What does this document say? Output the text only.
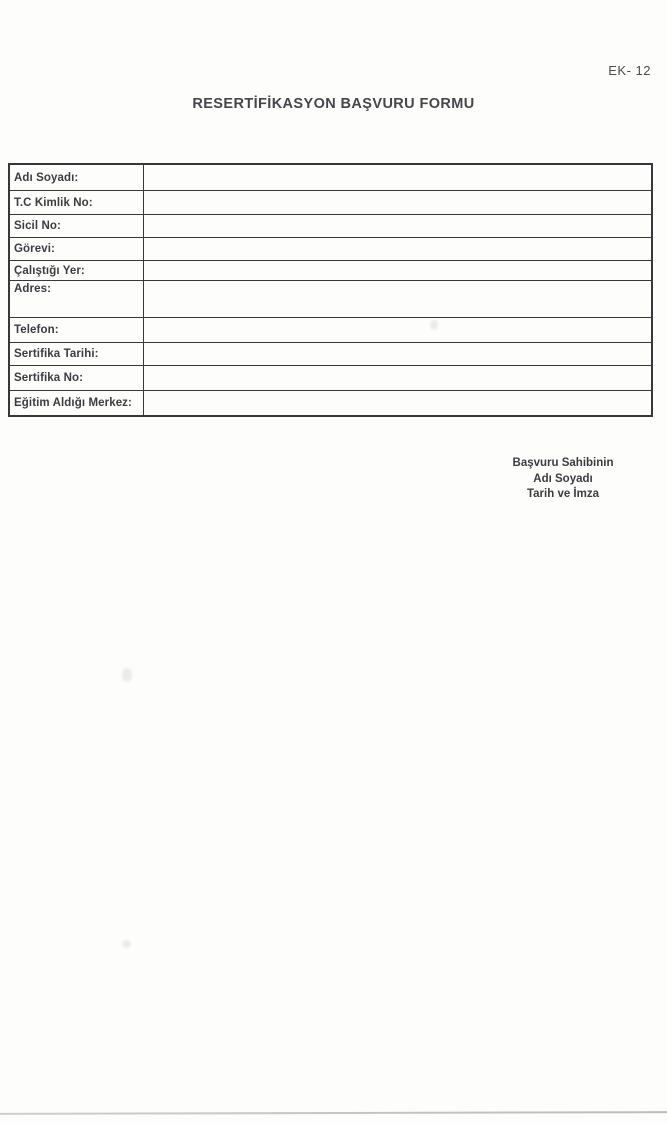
EK- 12
RESERTİFİKASYON BAŞVURU FORMU
Adı Soyadı:
T.C Kimlik No:
Sicil No:
Görevi:
Çalıştığı Yer:
Adres:
Telefon:
Sertifika Tarihi:
Sertifika No:
Eğitim Aldığı Merkez:
Başvuru Sahibinin
Adı Soyadı
Tarih ve İmza
